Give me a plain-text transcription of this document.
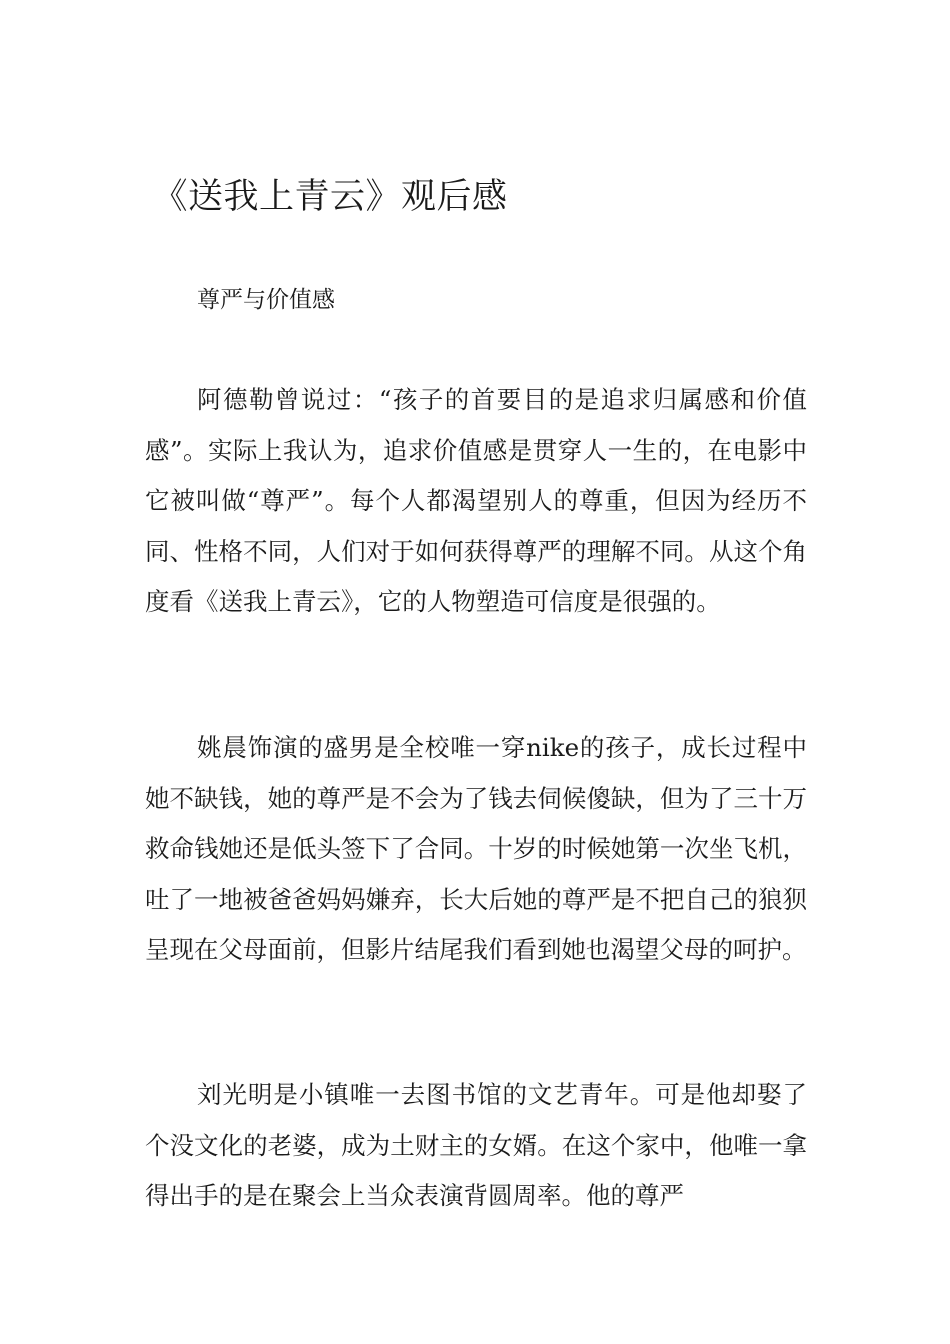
《送我上青云》观后感

尊严与价值感

阿德勒曾说过：“孩子的首要目的是追求归属感和价值感”。实际上我认为，追求价值感是贯穿人一生的，在电影中它被叫做“尊严”。每个人都渴望别人的尊重，但因为经历不同、性格不同，人们对于如何获得尊严的理解不同。从这个角度看《送我上青云》，它的人物塑造可信度是很强的。

姚晨饰演的盛男是全校唯一穿nike的孩子，成长过程中她不缺钱，她的尊严是不会为了钱去伺候傻缺，但为了三十万救命钱她还是低头签下了合同。十岁的时候她第一次坐飞机，吐了一地被爸爸妈妈嫌弃，长大后她的尊严是不把自己的狼狈呈现在父母面前，但影片结尾我们看到她也渴望父母的呵护。

刘光明是小镇唯一去图书馆的文艺青年。可是他却娶了个没文化的老婆，成为土财主的女婿。在这个家中，他唯一拿得出手的是在聚会上当众表演背圆周率。他的尊严
